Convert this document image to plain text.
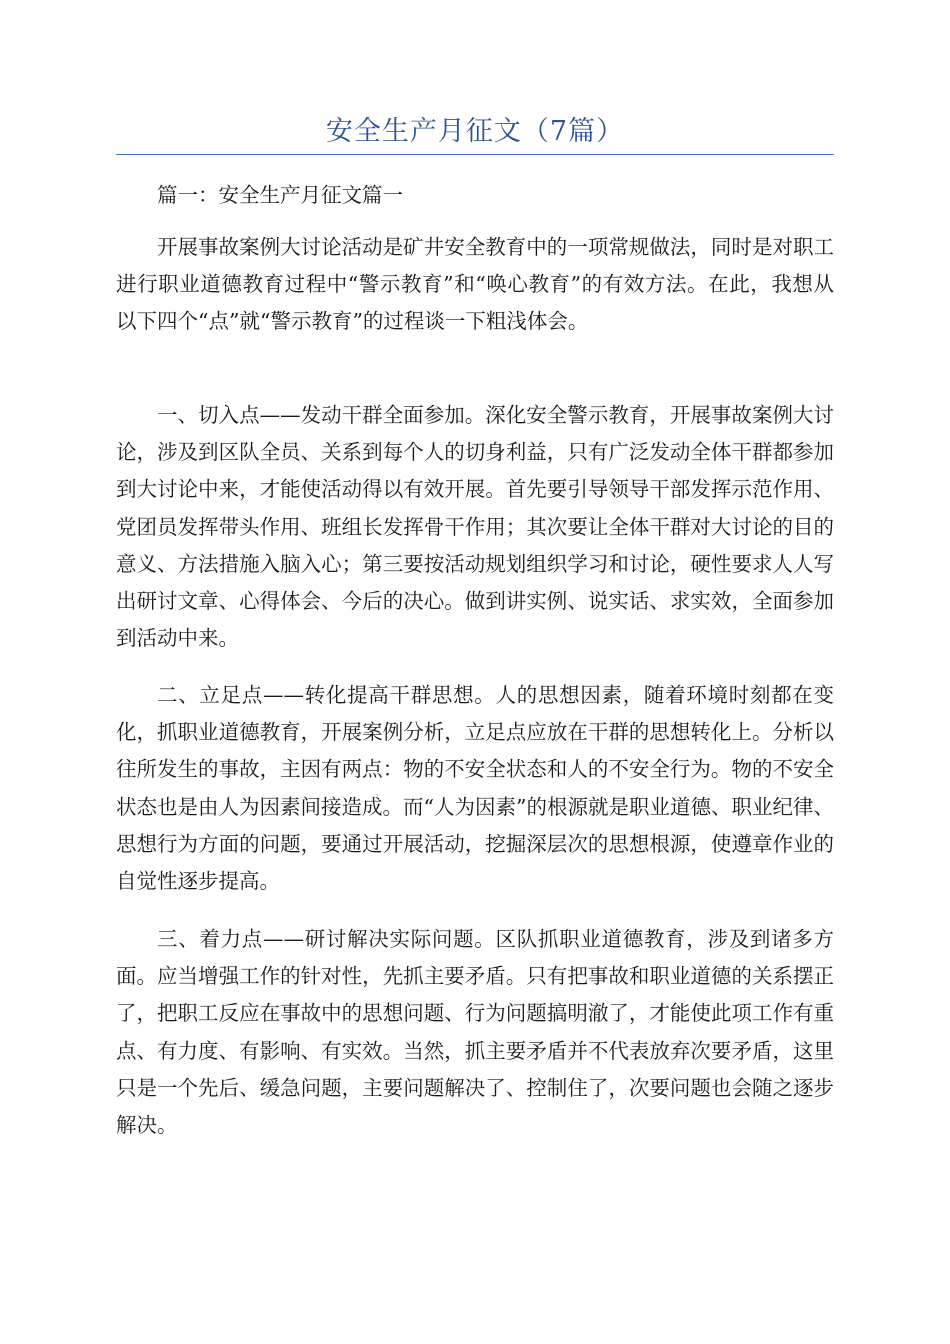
安全生产月征文（7篇）

篇一：安全生产月征文篇一

开展事故案例大讨论活动是矿井安全教育中的一项常规做法，同时是对职工进行职业道德教育过程中“警示教育”和“唤心教育”的有效方法。在此，我想从以下四个“点”就“警示教育”的过程谈一下粗浅体会。

一、切入点——发动干群全面参加。深化安全警示教育，开展事故案例大讨论，涉及到区队全员、关系到每个人的切身利益，只有广泛发动全体干群都参加到大讨论中来，才能使活动得以有效开展。首先要引导领导干部发挥示范作用、党团员发挥带头作用、班组长发挥骨干作用；其次要让全体干群对大讨论的目的意义、方法措施入脑入心；第三要按活动规划组织学习和讨论，硬性要求人人写出研讨文章、心得体会、今后的决心。做到讲实例、说实话、求实效，全面参加到活动中来。

二、立足点——转化提高干群思想。人的思想因素，随着环境时刻都在变化，抓职业道德教育，开展案例分析，立足点应放在干群的思想转化上。分析以往所发生的事故，主因有两点：物的不安全状态和人的不安全行为。物的不安全状态也是由人为因素间接造成。而“人为因素”的根源就是职业道德、职业纪律、思想行为方面的问题，要通过开展活动，挖掘深层次的思想根源，使遵章作业的自觉性逐步提高。

三、着力点——研讨解决实际问题。区队抓职业道德教育，涉及到诸多方面。应当增强工作的针对性，先抓主要矛盾。只有把事故和职业道德的关系摆正了，把职工反应在事故中的思想问题、行为问题搞明澈了，才能使此项工作有重点、有力度、有影响、有实效。当然，抓主要矛盾并不代表放弃次要矛盾，这里只是一个先后、缓急问题，主要问题解决了、控制住了，次要问题也会随之逐步解决。
